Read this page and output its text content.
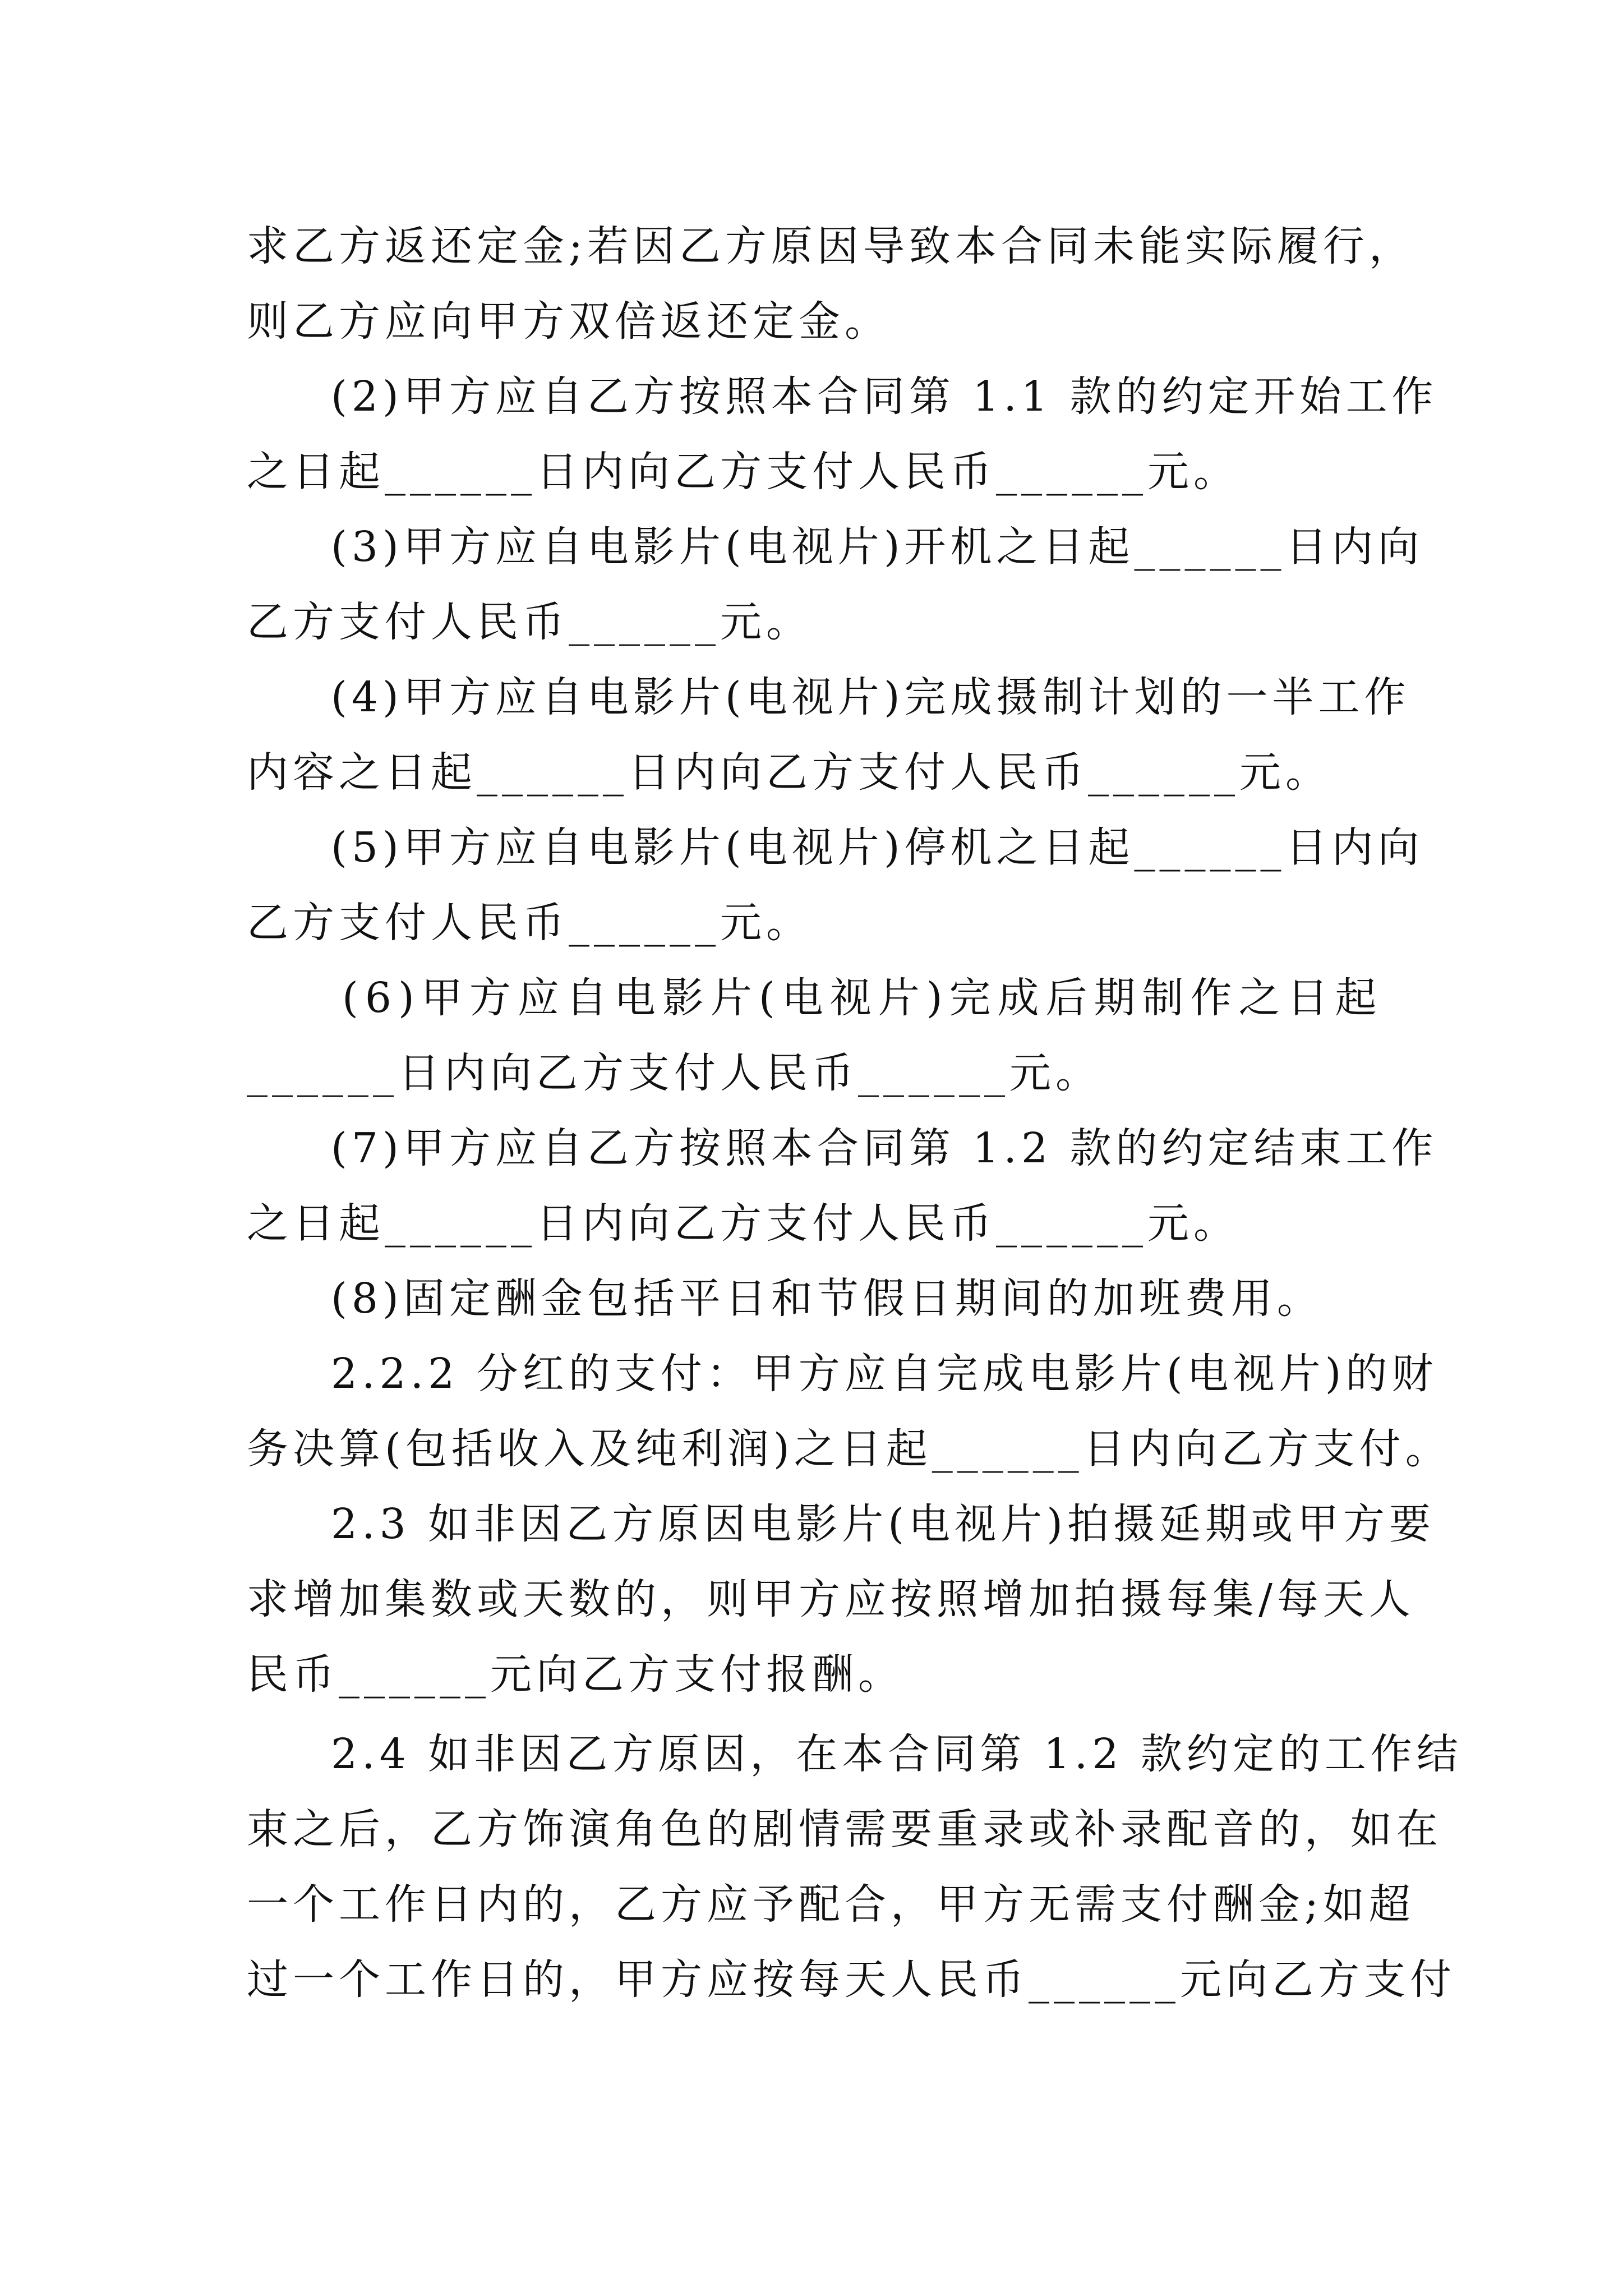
求乙方返还定金;若因乙方原因导致本合同未能实际履行，
则乙方应向甲方双倍返还定金。
(2)甲方应自乙方按照本合同第 1.1 款的约定开始工作
之日起______日内向乙方支付人民币______元。
(3)甲方应自电影片(电视片)开机之日起______日内向
乙方支付人民币______元。
(4)甲方应自电影片(电视片)完成摄制计划的一半工作
内容之日起______日内向乙方支付人民币______元。
(5)甲方应自电影片(电视片)停机之日起______日内向
乙方支付人民币______元。
(6)甲方应自电影片(电视片)完成后期制作之日起
______日内向乙方支付人民币______元。
(7)甲方应自乙方按照本合同第 1.2 款的约定结束工作
之日起______日内向乙方支付人民币______元。
(8)固定酬金包括平日和节假日期间的加班费用。
2.2.2 分红的支付：甲方应自完成电影片(电视片)的财
务决算(包括收入及纯利润)之日起______日内向乙方支付。
2.3 如非因乙方原因电影片(电视片)拍摄延期或甲方要
求增加集数或天数的，则甲方应按照增加拍摄每集/每天人
民币______元向乙方支付报酬。
2.4 如非因乙方原因，在本合同第 1.2 款约定的工作结
束之后，乙方饰演角色的剧情需要重录或补录配音的，如在
一个工作日内的，乙方应予配合，甲方无需支付酬金;如超
过一个工作日的，甲方应按每天人民币______元向乙方支付
